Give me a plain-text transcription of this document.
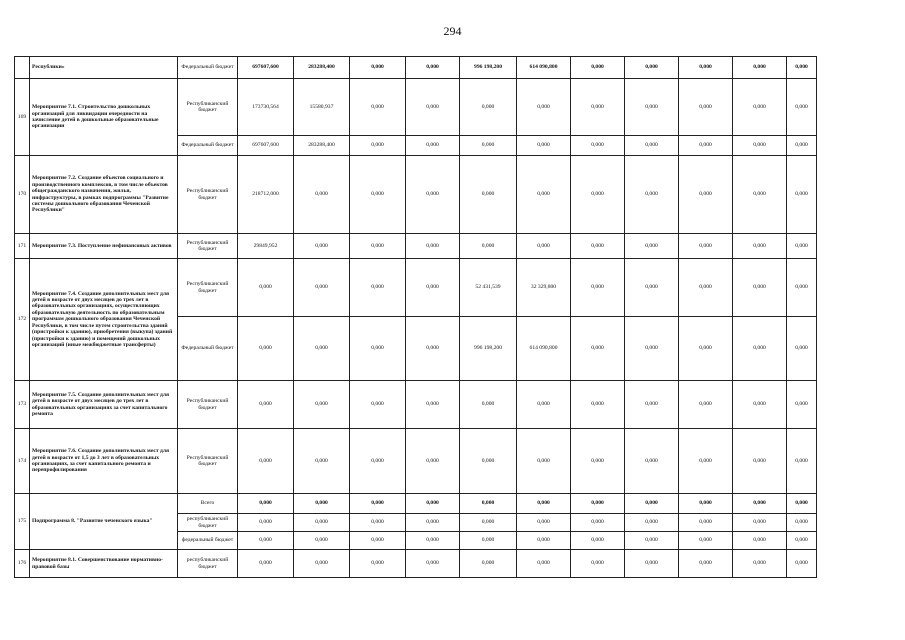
294
	Республики»	Федеральный бюджет	697607,600	283288,400	0,000	0,000	996 198,200	614 090,800	0,000	0,000	0,000	0,000	0,000
169	Мероприятие 7.1. Строительство дошкольных организаций для ликвидации очередности на зачисление детей в дошкольные образовательные организации	Республиканский бюджет	173730,564	15580,937	0,000	0,000	0,000	0,000	0,000	0,000	0,000	0,000	0,000
		Федеральный бюджет	697607,600	283288,400	0,000	0,000	0,000	0,000	0,000	0,000	0,000	0,000	0,000
170	Мероприятие 7.2. Создание объектов социального и производственного комплексов, в том числе объектов общегражданского назначения, жилья, инфраструктуры, в рамках подпрограммы "Развитие системы дошкольного образования Чеченской Республики"	Республиканский бюджет	218712,000	0,000	0,000	0,000	0,000	0,000	0,000	0,000	0,000	0,000	0,000
171	Мероприятие 7.3. Поступление нефинансовых активов	Республиканский бюджет	29849,952	0,000	0,000	0,000	0,000	0,000	0,000	0,000	0,000	0,000	0,000
172	Мероприятие 7.4. Создание дополнительных мест для детей в возрасте от двух месяцев до трех лет в образовательных организациях, осуществляющих образовательную деятельность по образовательным программам дошкольного образования Чеченской Республики, в том числе путем строительства зданий (пристройки к зданию), приобретения (выкупа) зданий (пристройки к зданию) и помещений дошкольных организаций (иные межбюджетные трансферты)	Республиканский бюджет	0,000	0,000	0,000	0,000	52 431,539	32 329,800	0,000	0,000	0,000	0,000	0,000
		Федеральный бюджет	0,000	0,000	0,000	0,000	996 198,200	614 090,800	0,000	0,000	0,000	0,000	0,000
173	Мероприятие 7.5. Создание дополнительных мест для детей в возрасте от двух месяцев до трех лет в образовательных организациях за счет капитального ремонта	Республиканский бюджет	0,000	0,000	0,000	0,000	0,000	0,000	0,000	0,000	0,000	0,000	0,000
174	Мероприятие 7.6. Создание дополнительных мест для детей в возрасте от 1,5 до 3 лет в образовательных организациях, за счет капитального ремонта и перепрофилирования	Республиканский бюджет	0,000	0,000	0,000	0,000	0,000	0,000	0,000	0,000	0,000	0,000	0,000
175	Подпрограмма 8. "Развитие чеченского языка"	Всего	0,000	0,000	0,000	0,000	0,000	0,000	0,000	0,000	0,000	0,000	0,000
		республиканский бюджет	0,000	0,000	0,000	0,000	0,000	0,000	0,000	0,000	0,000	0,000	0,000
		федеральный бюджет	0,000	0,000	0,000	0,000	0,000	0,000	0,000	0,000	0,000	0,000	0,000
176	Мероприятие 8.1. Совершенствование нормативно-правовой базы	республиканский бюджет	0,000	0,000	0,000	0,000	0,000	0,000	0,000	0,000	0,000	0,000	0,000
